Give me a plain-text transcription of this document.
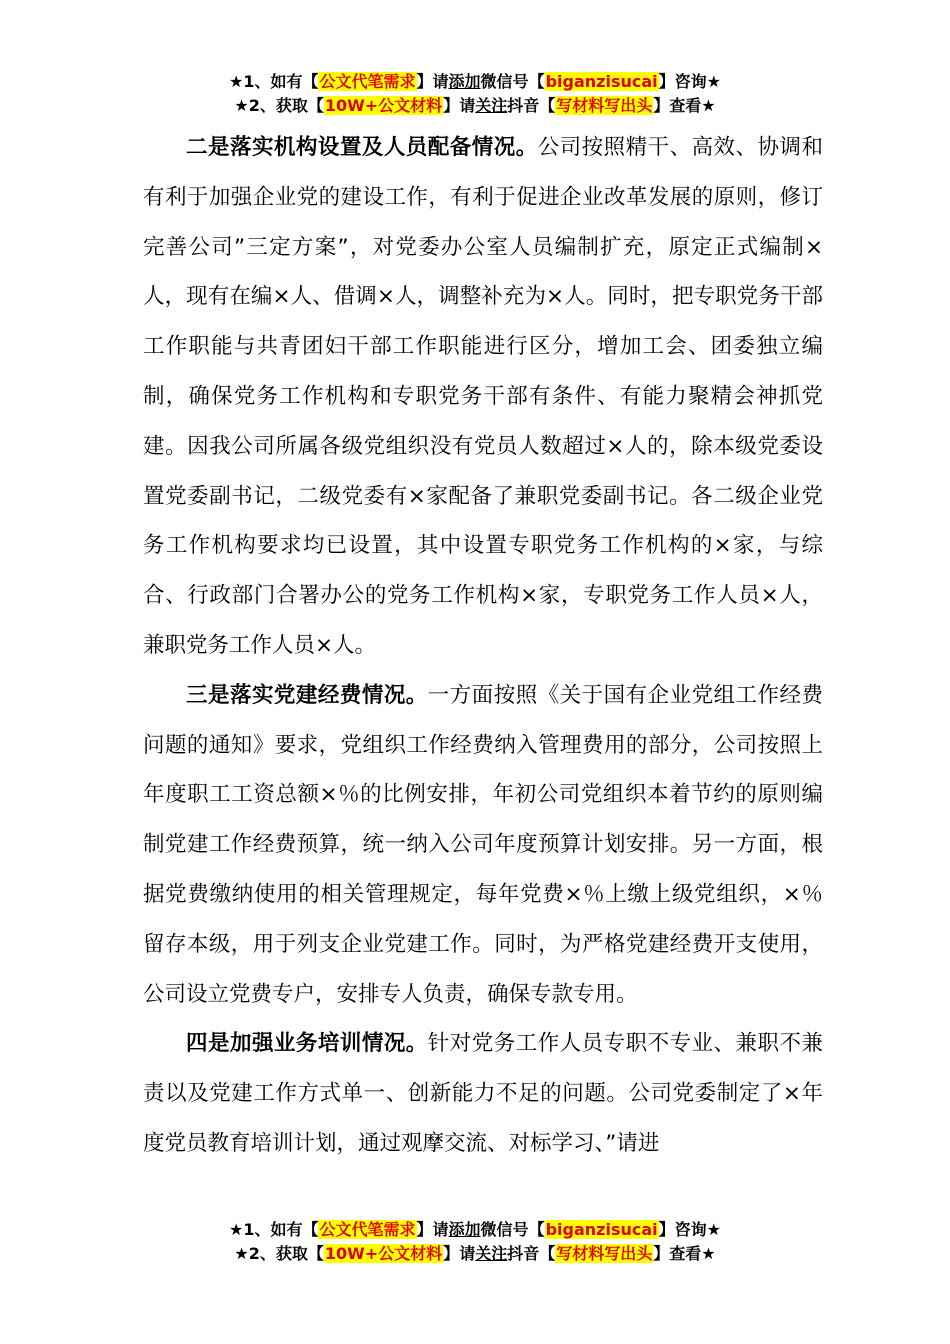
★1、如有【公文代笔需求】请添加微信号【biganzisucai】咨询★
★2、获取【10W+公文材料】请关注抖音【写材料写出头】查看★

二是落实机构设置及人员配备情况。公司按照精干、高效、协调和有利于加强企业党的建设工作，有利于促进企业改革发展的原则，修订完善公司”三定方案”，对党委办公室人员编制扩充，原定正式编制×人，现有在编×人、借调×人，调整补充为×人。同时，把专职党务干部工作职能与共青团妇干部工作职能进行区分，增加工会、团委独立编制，确保党务工作机构和专职党务干部有条件、有能力聚精会神抓党建。因我公司所属各级党组织没有党员人数超过×人的，除本级党委设置党委副书记，二级党委有×家配备了兼职党委副书记。各二级企业党务工作机构要求均已设置，其中设置专职党务工作机构的×家，与综合、行政部门合署办公的党务工作机构×家，专职党务工作人员×人，兼职党务工作人员×人。

三是落实党建经费情况。一方面按照《关于国有企业党组工作经费问题的通知》要求，党组织工作经费纳入管理费用的部分，公司按照上年度职工工资总额×％的比例安排，年初公司党组织本着节约的原则编制党建工作经费预算，统一纳入公司年度预算计划安排。另一方面，根据党费缴纳使用的相关管理规定，每年党费×％上缴上级党组织，×％留存本级，用于列支企业党建工作。同时，为严格党建经费开支使用，公司设立党费专户，安排专人负责，确保专款专用。

四是加强业务培训情况。针对党务工作人员专职不专业、兼职不兼责以及党建工作方式单一、创新能力不足的问题。公司党委制定了×年度党员教育培训计划，通过观摩交流、对标学习、”请进

★1、如有【公文代笔需求】请添加微信号【biganzisucai】咨询★
★2、获取【10W+公文材料】请关注抖音【写材料写出头】查看★
